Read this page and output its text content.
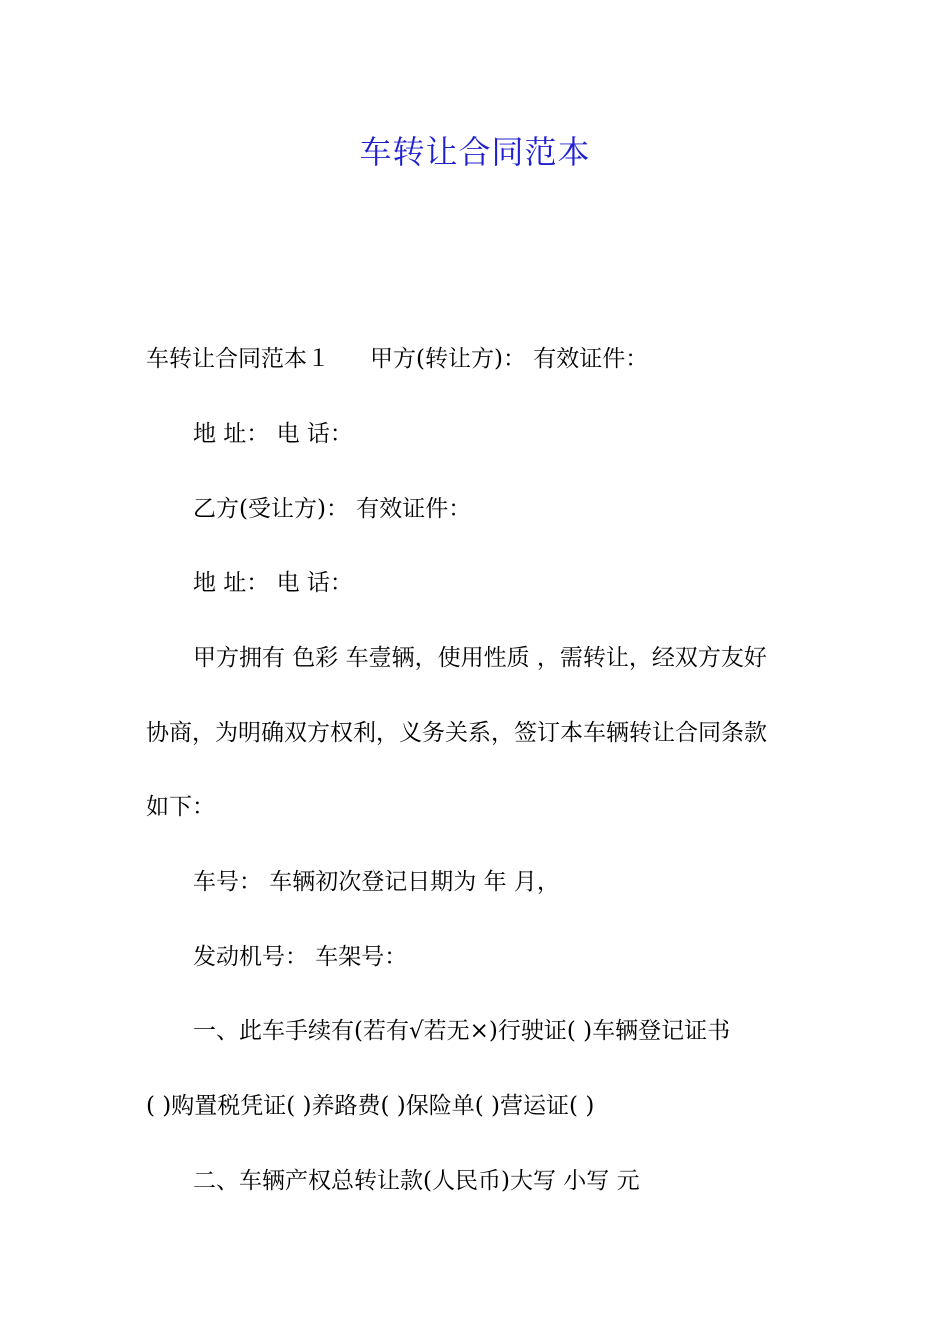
车转让合同范本
车转让合同范本１ 甲方(转让方)： 有效证件：
地 址： 电 话：
乙方(受让方)： 有效证件：
地 址： 电 话：
甲方拥有 色彩 车壹辆，使用性质 ，需转让，经双方友好
协商，为明确双方权利，义务关系，签订本车辆转让合同条款
如下：
车号： 车辆初次登记日期为 年 月，
发动机号： 车架号：
一、此车手续有(若有√若无×)行驶证( )车辆登记证书
( )购置税凭证( )养路费( )保险单( )营运证( )
二、车辆产权总转让款(人民币)大写 小写 元
